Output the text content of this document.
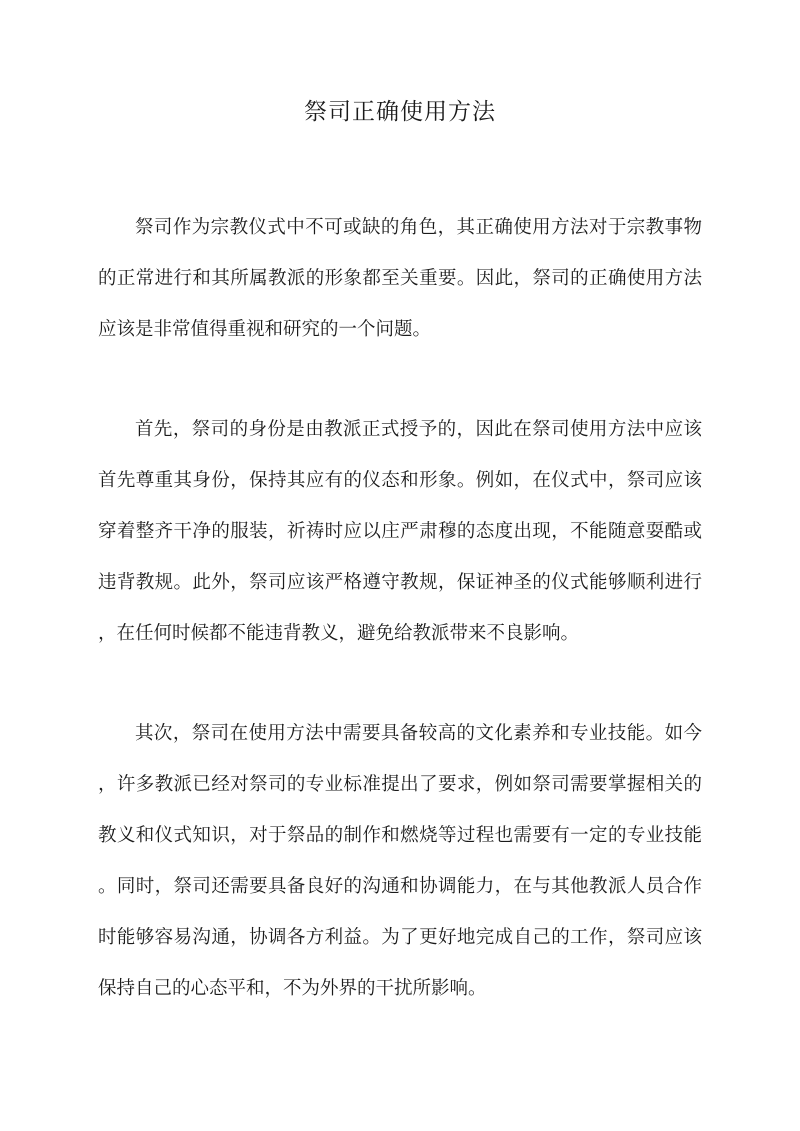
祭司正确使用方法
祭司作为宗教仪式中不可或缺的角色，其正确使用方法对于宗教事物
的正常进行和其所属教派的形象都至关重要。因此，祭司的正确使用方法
应该是非常值得重视和研究的一个问题。
首先，祭司的身份是由教派正式授予的，因此在祭司使用方法中应该
首先尊重其身份，保持其应有的仪态和形象。例如，在仪式中，祭司应该
穿着整齐干净的服装，祈祷时应以庄严肃穆的态度出现，不能随意耍酷或
违背教规。此外，祭司应该严格遵守教规，保证神圣的仪式能够顺利进行
，在任何时候都不能违背教义，避免给教派带来不良影响。
其次，祭司在使用方法中需要具备较高的文化素养和专业技能。如今
，许多教派已经对祭司的专业标准提出了要求，例如祭司需要掌握相关的
教义和仪式知识，对于祭品的制作和燃烧等过程也需要有一定的专业技能
。同时，祭司还需要具备良好的沟通和协调能力，在与其他教派人员合作
时能够容易沟通，协调各方利益。为了更好地完成自己的工作，祭司应该
保持自己的心态平和，不为外界的干扰所影响。
